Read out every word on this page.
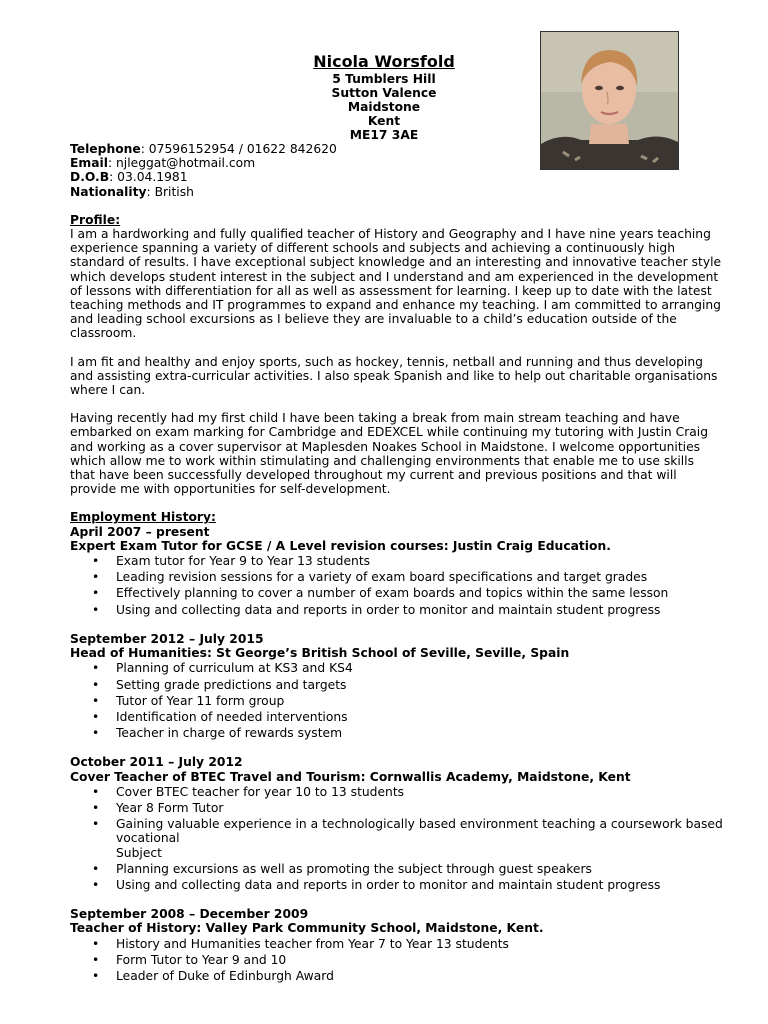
Nicola Worsfold
5 Tumblers Hill
Sutton Valence
Maidstone
Kent
ME17 3AE
Telephone: 07596152954 / 01622 842620
Email: njleggat@hotmail.com
D.O.B: 03.04.1981
Nationality: British
Profile:
I am a hardworking and fully qualified teacher of History and Geography and I have nine years teaching
experience spanning a variety of different schools and subjects and achieving a continuously high
standard of results. I have exceptional subject knowledge and an interesting and innovative teacher style
which develops student interest in the subject and I understand and am experienced in the development
of lessons with differentiation for all as well as assessment for learning. I keep up to date with the latest
teaching methods and IT programmes to expand and enhance my teaching. I am committed to arranging
and leading school excursions as I believe they are invaluable to a child’s education outside of the
classroom.
I am fit and healthy and enjoy sports, such as hockey, tennis, netball and running and thus developing
and assisting extra-curricular activities. I also speak Spanish and like to help out charitable organisations
where I can.
Having recently had my first child I have been taking a break from main stream teaching and have
embarked on exam marking for Cambridge and EDEXCEL while continuing my tutoring with Justin Craig
and working as a cover supervisor at Maplesden Noakes School in Maidstone. I welcome opportunities
which allow me to work within stimulating and challenging environments that enable me to use skills
that have been successfully developed throughout my current and previous positions and that will
provide me with opportunities for self-development.
Employment History:
April 2007 – present
Expert Exam Tutor for GCSE / A Level revision courses: Justin Craig Education.
• Exam tutor for Year 9 to Year 13 students
• Leading revision sessions for a variety of exam board specifications and target grades
• Effectively planning to cover a number of exam boards and topics within the same lesson
• Using and collecting data and reports in order to monitor and maintain student progress
September 2012 – July 2015
Head of Humanities: St George’s British School of Seville, Seville, Spain
• Planning of curriculum at KS3 and KS4
• Setting grade predictions and targets
• Tutor of Year 11 form group
• Identification of needed interventions
• Teacher in charge of rewards system
October 2011 – July 2012
Cover Teacher of BTEC Travel and Tourism: Cornwallis Academy, Maidstone, Kent
• Cover BTEC teacher for year 10 to 13 students
• Year 8 Form Tutor
• Gaining valuable experience in a technologically based environment teaching a coursework based vocational
Subject
• Planning excursions as well as promoting the subject through guest speakers
• Using and collecting data and reports in order to monitor and maintain student progress
September 2008 – December 2009
Teacher of History: Valley Park Community School, Maidstone, Kent.
• History and Humanities teacher from Year 7 to Year 13 students
• Form Tutor to Year 9 and 10
• Leader of Duke of Edinburgh Award
